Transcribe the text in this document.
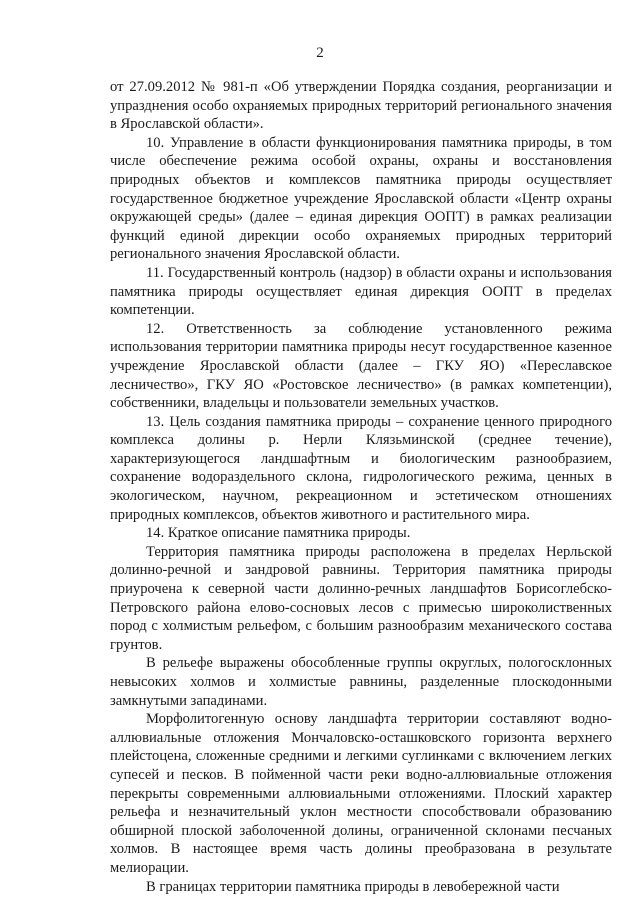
2

от 27.09.2012 № 981-п «Об утверждении Порядка создания, реорганизации и упразднения особо охраняемых природных территорий регионального значения в Ярославской области».

10. Управление в области функционирования памятника природы, в том числе обеспечение режима особой охраны, охраны и восстановления природных объектов и комплексов памятника природы осуществляет государственное бюджетное учреждение Ярославской области «Центр охраны окружающей среды» (далее – единая дирекция ООПТ) в рамках реализации функций единой дирекции особо охраняемых природных территорий регионального значения Ярославской области.

11. Государственный контроль (надзор) в области охраны и использования памятника природы осуществляет единая дирекция ООПТ в пределах компетенции.

12. Ответственность за соблюдение установленного режима использования территории памятника природы несут государственное казенное учреждение Ярославской области (далее – ГКУ ЯО) «Переславское лесничество», ГКУ ЯО «Ростовское лесничество» (в рамках компетенции), собственники, владельцы и пользователи земельных участков.

13. Цель создания памятника природы – сохранение ценного природного комплекса долины р. Нерли Клязьминской (среднее течение), характеризующегося ландшафтным и биологическим разнообразием, сохранение водораздельного склона, гидрологического режима, ценных в экологическом, научном, рекреационном и эстетическом отношениях природных комплексов, объектов животного и растительного мира.

14. Краткое описание памятника природы.

Территория памятника природы расположена в пределах Нерльской долинно-речной и зандровой равнины. Территория памятника природы приурочена к северной части долинно-речных ландшафтов Борисоглебско-Петровского района елово-сосновых лесов с примесью широколиственных пород с холмистым рельефом, с большим разнообразим механического состава грунтов.

В рельефе выражены обособленные группы округлых, пологосклонных невысоких холмов и холмистые равнины, разделенные плоскодонными замкнутыми западинами.

Морфолитогенную основу ландшафта территории составляют водно-аллювиальные отложения Мончаловско-осташковского горизонта верхнего плейстоцена, сложенные средними и легкими суглинками с включением легких супесей и песков. В пойменной части реки водно-аллювиальные отложения перекрыты современными аллювиальными отложениями. Плоский характер рельефа и незначительный уклон местности способствовали образованию обширной плоской заболоченной долины, ограниченной склонами песчаных холмов. В настоящее время часть долины преобразована в результате мелиорации.

В границах территории памятника природы в левобережной части
